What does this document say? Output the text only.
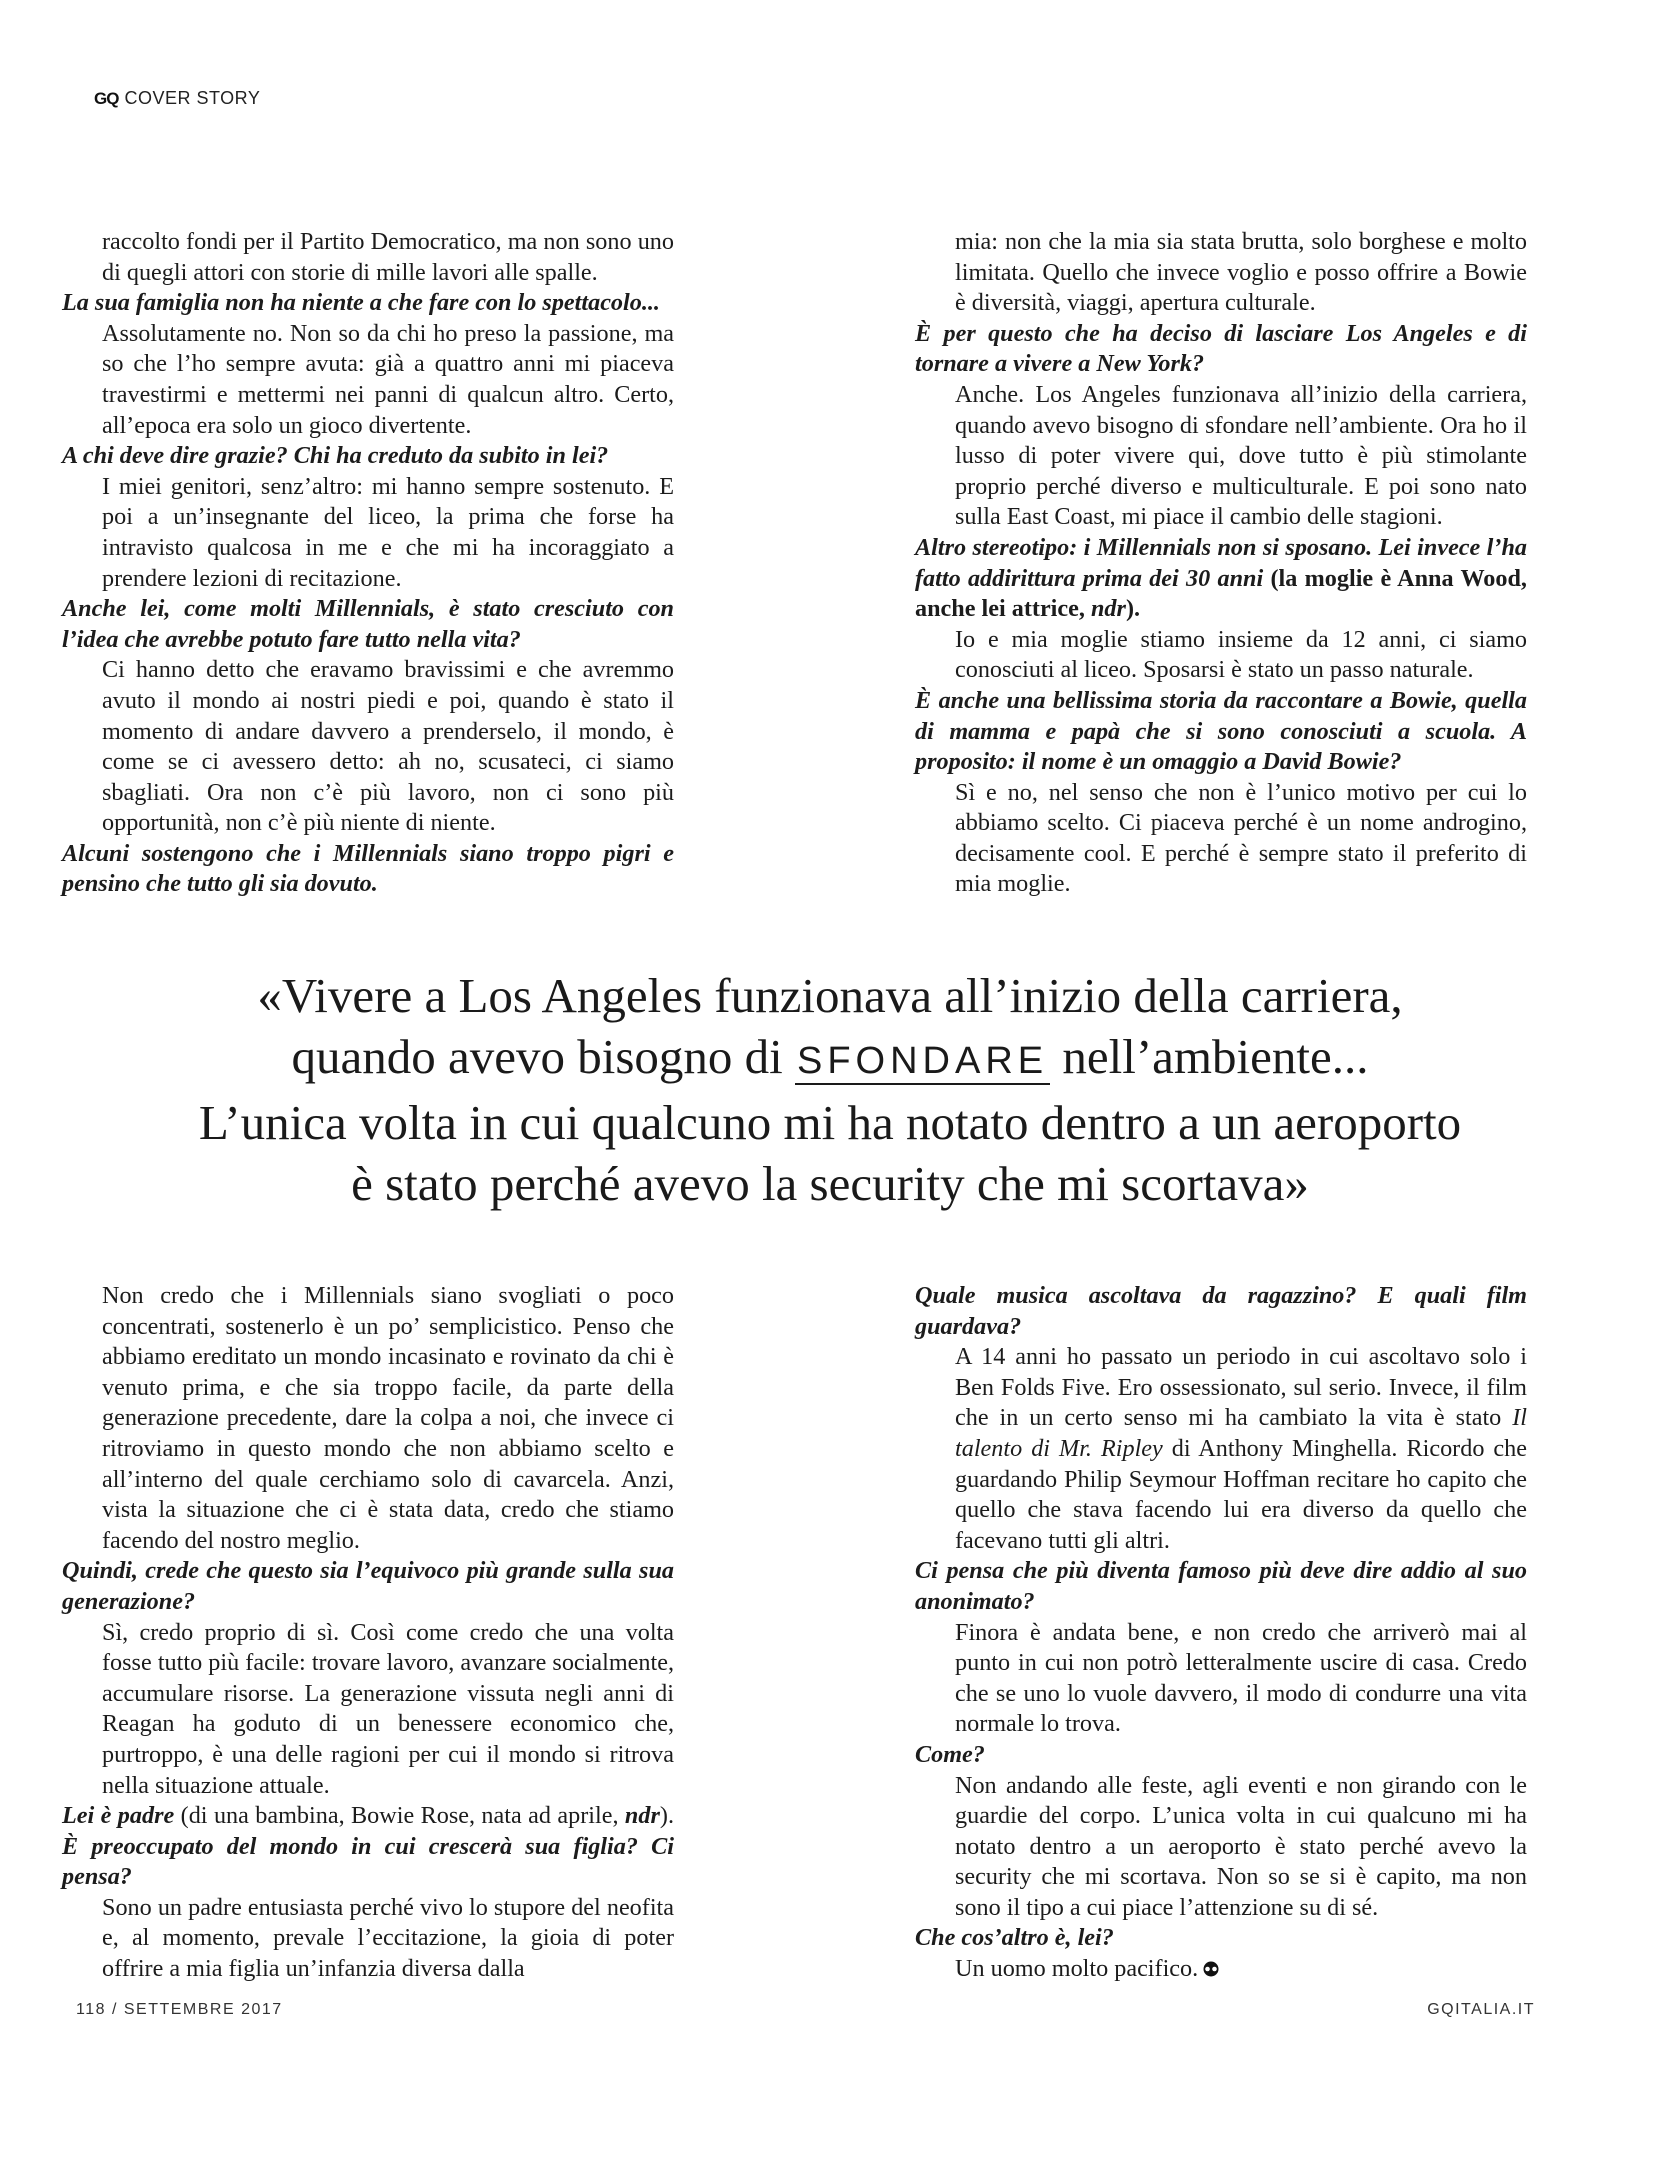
GQ COVER STORY

raccolto fondi per il Partito Democratico, ma non sono uno di quegli attori con storie di mille lavori alle spalle.

La sua famiglia non ha niente a che fare con lo spettacolo...

Assolutamente no. Non so da chi ho preso la passione, ma so che l’ho sempre avuta: già a quattro anni mi piaceva travestirmi e mettermi nei panni di qualcun altro. Certo, all’epoca era solo un gioco divertente.

A chi deve dire grazie? Chi ha creduto da subito in lei?

I miei genitori, senz’altro: mi hanno sempre sostenuto. E poi a un’insegnante del liceo, la prima che forse ha intravisto qualcosa in me e che mi ha incoraggiato a prendere lezioni di recitazione.

Anche lei, come molti Millennials, è stato cresciuto con l’idea che avrebbe potuto fare tutto nella vita?

Ci hanno detto che eravamo bravissimi e che avremmo avuto il mondo ai nostri piedi e poi, quando è stato il momento di andare davvero a prenderselo, il mondo, è come se ci avessero detto: ah no, scusateci, ci siamo sbagliati. Ora non c’è più lavoro, non ci sono più opportunità, non c’è più niente di niente.

Alcuni sostengono che i Millennials siano troppo pigri e pensino che tutto gli sia dovuto.

mia: non che la mia sia stata brutta, solo borghese e molto limitata. Quello che invece voglio e posso offrire a Bowie è diversità, viaggi, apertura culturale.

È per questo che ha deciso di lasciare Los Angeles e di tornare a vivere a New York?

Anche. Los Angeles funzionava all’inizio della carriera, quando avevo bisogno di sfondare nell’ambiente. Ora ho il lusso di poter vivere qui, dove tutto è più stimolante proprio perché diverso e multiculturale. E poi sono nato sulla East Coast, mi piace il cambio delle stagioni.

Altro stereotipo: i Millennials non si sposano. Lei invece l’ha fatto addirittura prima dei 30 anni (la moglie è Anna Wood, anche lei attrice, ndr).

Io e mia moglie stiamo insieme da 12 anni, ci siamo conosciuti al liceo. Sposarsi è stato un passo naturale.

È anche una bellissima storia da raccontare a Bowie, quella di mamma e papà che si sono conosciuti a scuola. A proposito: il nome è un omaggio a David Bowie?

Sì e no, nel senso che non è l’unico motivo per cui lo abbiamo scelto. Ci piaceva perché è un nome androgino, decisamente cool. E perché è sempre stato il preferito di mia moglie.

«Vivere a Los Angeles funzionava all’inizio della carriera,
quando avevo bisogno di SFONDARE nell’ambiente...
L’unica volta in cui qualcuno mi ha notato dentro a un aeroporto
è stato perché avevo la security che mi scortava»

Non credo che i Millennials siano svogliati o poco concentrati, sostenerlo è un po’ semplicistico. Penso che abbiamo ereditato un mondo incasinato e rovinato da chi è venuto prima, e che sia troppo facile, da parte della generazione precedente, dare la colpa a noi, che invece ci ritroviamo in questo mondo che non abbiamo scelto e all’interno del quale cerchiamo solo di cavarcela. Anzi, vista la situazione che ci è stata data, credo che stiamo facendo del nostro meglio.

Quindi, crede che questo sia l’equivoco più grande sulla sua generazione?

Sì, credo proprio di sì. Così come credo che una volta fosse tutto più facile: trovare lavoro, avanzare socialmente, accumulare risorse. La generazione vissuta negli anni di Reagan ha goduto di un benessere economico che, purtroppo, è una delle ragioni per cui il mondo si ritrova nella situazione attuale.

Lei è padre (di una bambina, Bowie Rose, nata ad aprile, ndr). È preoccupato del mondo in cui crescerà sua figlia? Ci pensa?

Sono un padre entusiasta perché vivo lo stupore del neofita e, al momento, prevale l’eccitazione, la gioia di poter offrire a mia figlia un’infanzia diversa dalla

Quale musica ascoltava da ragazzino? E quali film guardava?

A 14 anni ho passato un periodo in cui ascoltavo solo i Ben Folds Five. Ero ossessionato, sul serio. Invece, il film che in un certo senso mi ha cambiato la vita è stato Il talento di Mr. Ripley di Anthony Minghella. Ricordo che guardando Philip Seymour Hoffman recitare ho capito che quello che stava facendo lui era diverso da quello che facevano tutti gli altri.

Ci pensa che più diventa famoso più deve dire addio al suo anonimato?

Finora è andata bene, e non credo che arriverò mai al punto in cui non potrò letteralmente uscire di casa. Credo che se uno lo vuole davvero, il modo di condurre una vita normale lo trova.

Come?

Non andando alle feste, agli eventi e non girando con le guardie del corpo. L’unica volta in cui qualcuno mi ha notato dentro a un aeroporto è stato perché avevo la security che mi scortava. Non so se si è capito, ma non sono il tipo a cui piace l’attenzione su di sé.

Che cos’altro è, lei?

Un uomo molto pacifico.

118 / SETTEMBRE 2017	GQITALIA.IT
